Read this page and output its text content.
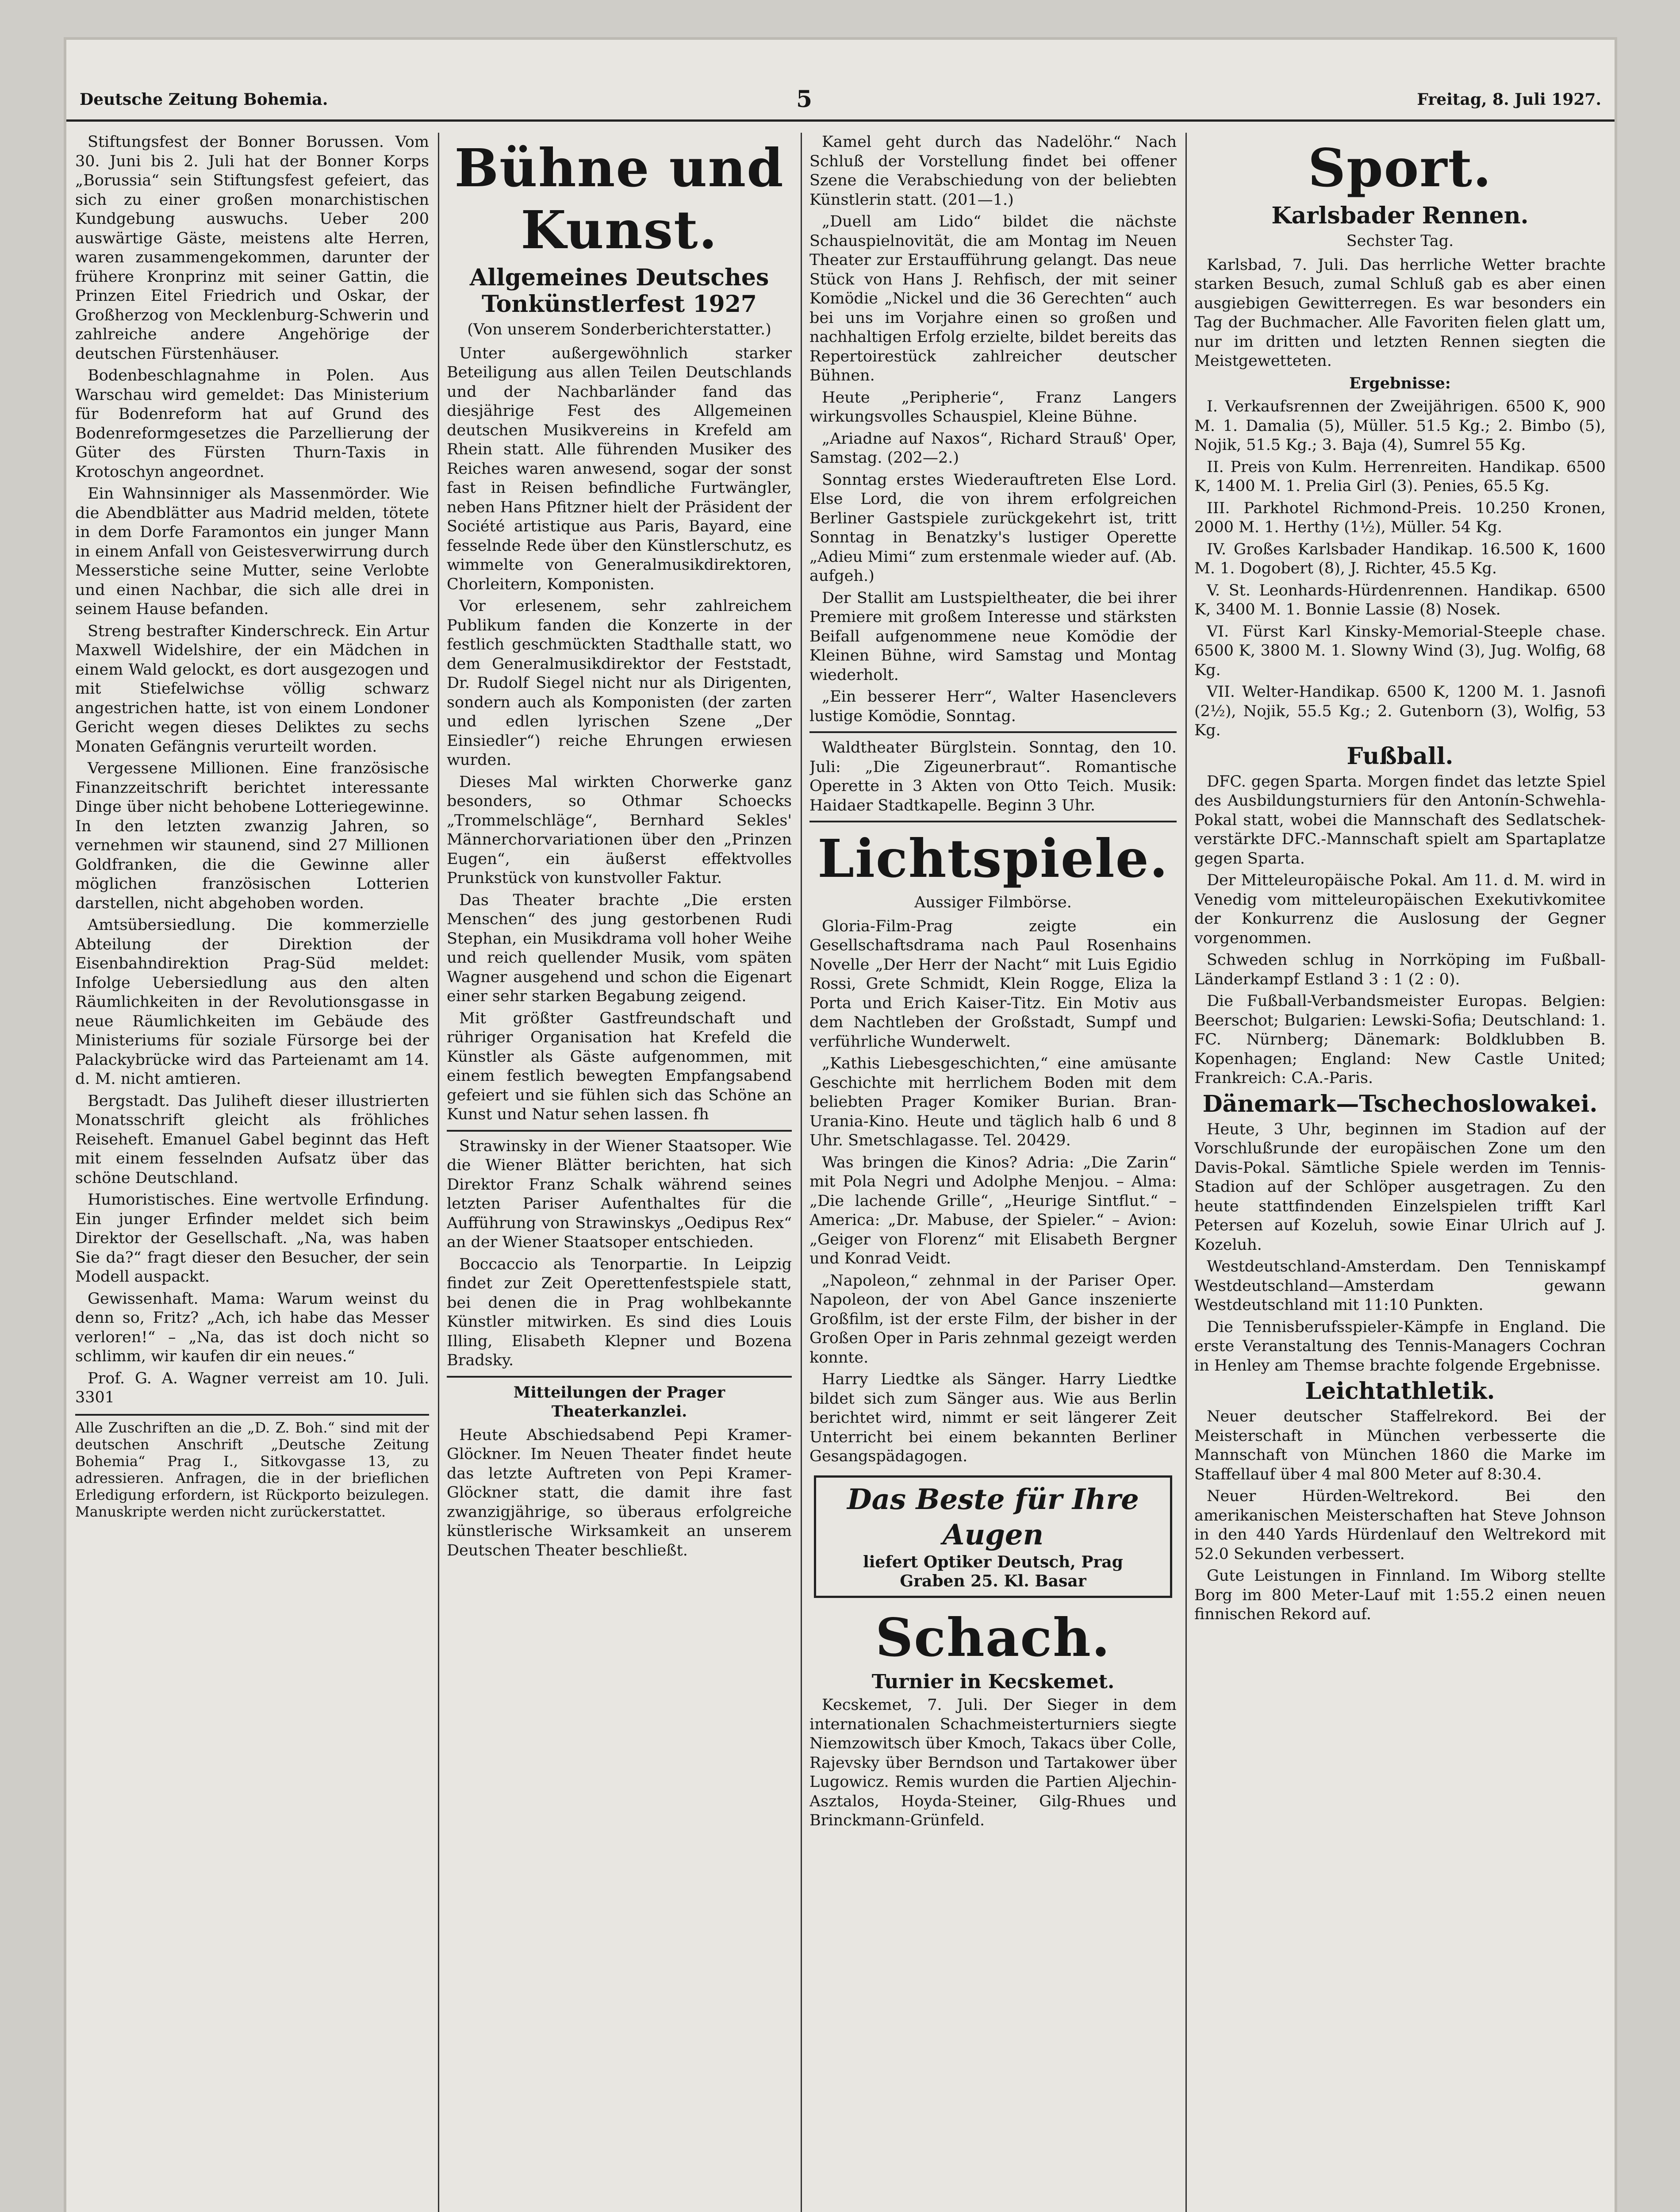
Deutsche Zeitung Bohemia.	5	Freitag, 8. Juli 1927.

Stiftungsfest der Bonner Borussen. Vom 30. Juni bis 2. Juli hat der Bonner Korps „Borussia“ sein Stiftungsfest gefeiert, das sich zu einer großen monarchistischen Kundgebung auswuchs. Ueber 200 auswärtige Gäste, meistens alte Herren, waren zusammengekommen, darunter der frühere Kronprinz mit seiner Gattin, die Prinzen Eitel Friedrich und Oskar, der Großherzog von Mecklenburg-Schwerin und zahlreiche andere Angehörige der deutschen Fürstenhäuser.

Bodenbeschlagnahme in Polen. Aus Warschau wird gemeldet: Das Ministerium für Bodenreform hat auf Grund des Bodenreformgesetzes die Parzellierung der Güter des Fürsten Thurn-Taxis in Krotoschyn angeordnet.

Ein Wahnsinniger als Massenmörder. Wie die Abendblätter aus Madrid melden, tötete in dem Dorfe Faramontos ein junger Mann in einem Anfall von Geistesverwirrung durch Messerstiche seine Mutter, seine Verlobte und einen Nachbar, die sich alle drei in seinem Hause befanden.

Streng bestrafter Kinderschreck. Ein Artur Maxwell Widelshire, der ein Mädchen in einem Wald gelockt, es dort ausgezogen und mit Stiefelwichse völlig schwarz angestrichen hatte, ist von einem Londoner Gericht wegen dieses Deliktes zu sechs Monaten Gefängnis verurteilt worden.

Vergessene Millionen. Eine französische Finanzzeitschrift berichtet interessante Dinge über nicht behobene Lotteriegewinne. In den letzten zwanzig Jahren, so vernehmen wir staunend, sind 27 Millionen Goldfranken, die die Gewinne aller möglichen französischen Lotterien darstellen, nicht abgehoben worden.

Amtsübersiedlung. Die kommerzielle Abteilung der Direktion der Eisenbahndirektion Prag-Süd meldet: Infolge Uebersiedlung aus den alten Räumlichkeiten in der Revolutionsgasse in neue Räumlichkeiten im Gebäude des Ministeriums für soziale Fürsorge bei der Palackybrücke wird das Parteienamt am 14. d. M. nicht amtieren.

Bergstadt. Das Juliheft dieser illustrierten Monatsschrift gleicht als fröhliches Reiseheft. Emanuel Gabel beginnt das Heft mit einem fesselnden Aufsatz über das schöne Deutschland.

Humoristisches. Eine wertvolle Erfindung. Ein junger Erfinder meldet sich beim Direktor der Gesellschaft. „Na, was haben Sie da?“ fragt dieser den Besucher, der sein Modell auspackt.

Gewissenhaft. Mama: Warum weinst du denn so, Fritz? „Ach, ich habe das Messer verloren!“ – „Na, das ist doch nicht so schlimm, wir kaufen dir ein neues.“

Prof. G. A. Wagner verreist am 10. Juli. 3301

Alle Zuschriften an die „D. Z. Boh.“ sind mit der deutschen Anschrift „Deutsche Zeitung Bohemia“ Prag I., Sitkovgasse 13, zu adressieren. Anfragen, die in der brieflichen Erledigung erfordern, ist Rückporto beizulegen. Manuskripte werden nicht zurückerstattet.
Bühne und Kunst.
Allgemeines Deutsches Tonkünstlerfest 1927
(Von unserem Sonderberichterstatter.)

Unter außergewöhnlich starker Beteiligung aus allen Teilen Deutschlands und der Nachbarländer fand das diesjährige Fest des Allgemeinen deutschen Musikvereins in Krefeld am Rhein statt. Alle führenden Musiker des Reiches waren anwesend, sogar der sonst fast in Reisen befindliche Furtwängler, neben Hans Pfitzner hielt der Präsident der Société artistique aus Paris, Bayard, eine fesselnde Rede über den Künstlerschutz, es wimmelte von Generalmusikdirektoren, Chorleitern, Komponisten.

Vor erlesenem, sehr zahlreichem Publikum fanden die Konzerte in der festlich geschmückten Stadthalle statt, wo dem Generalmusikdirektor der Feststadt, Dr. Rudolf Siegel nicht nur als Dirigenten, sondern auch als Komponisten (der zarten und edlen lyrischen Szene „Der Einsiedler“) reiche Ehrungen erwiesen wurden.

Dieses Mal wirkten Chorwerke ganz besonders, so Othmar Schoecks „Trommelschläge“, Bernhard Sekles' Männerchorvariationen über den „Prinzen Eugen“, ein äußerst effektvolles Prunkstück von kunstvoller Faktur.

Das Theater brachte „Die ersten Menschen“ des jung gestorbenen Rudi Stephan, ein Musikdrama voll hoher Weihe und reich quellender Musik, vom späten Wagner ausgehend und schon die Eigenart einer sehr starken Begabung zeigend.

Mit größter Gastfreundschaft und rühriger Organisation hat Krefeld die Künstler als Gäste aufgenommen, mit einem festlich bewegten Empfangsabend gefeiert und sie fühlen sich das Schöne an Kunst und Natur sehen lassen. fh

Strawinsky in der Wiener Staatsoper. Wie die Wiener Blätter berichten, hat sich Direktor Franz Schalk während seines letzten Pariser Aufenthaltes für die Aufführung von Strawinskys „Oedipus Rex“ an der Wiener Staatsoper entschieden.

Boccaccio als Tenorpartie. In Leipzig findet zur Zeit Operettenfestspiele statt, bei denen die in Prag wohlbekannte Künstler mitwirken. Es sind dies Louis Illing, Elisabeth Klepner und Bozena Bradsky.

Mitteilungen der Prager Theaterkanzlei.

Heute Abschiedsabend Pepi Kramer-Glöckner. Im Neuen Theater findet heute das letzte Auftreten von Pepi Kramer-Glöckner statt, die damit ihre fast zwanzigjährige, so überaus erfolgreiche künstlerische Wirksamkeit an unserem Deutschen Theater beschließt.

Kamel geht durch das Nadelöhr.“ Nach Schluß der Vorstellung findet bei offener Szene die Verabschiedung von der beliebten Künstlerin statt. (201—1.)

„Duell am Lido“ bildet die nächste Schauspielnovität, die am Montag im Neuen Theater zur Erstaufführung gelangt. Das neue Stück von Hans J. Rehfisch, der mit seiner Komödie „Nickel und die 36 Gerechten“ auch bei uns im Vorjahre einen so großen und nachhaltigen Erfolg erzielte, bildet bereits das Repertoirestück zahlreicher deutscher Bühnen.

Heute „Peripherie“, Franz Langers wirkungsvolles Schauspiel, Kleine Bühne.

„Ariadne auf Naxos“, Richard Strauß' Oper, Samstag. (202—2.)

Sonntag erstes Wiederauftreten Else Lord. Else Lord, die von ihrem erfolgreichen Berliner Gastspiele zurückgekehrt ist, tritt Sonntag in Benatzky's lustiger Operette „Adieu Mimi“ zum erstenmale wieder auf. (Ab. aufgeh.)

Der Stallit am Lustspieltheater, die bei ihrer Premiere mit großem Interesse und stärksten Beifall aufgenommene neue Komödie der Kleinen Bühne, wird Samstag und Montag wiederholt.

„Ein besserer Herr“, Walter Hasenclevers lustige Komödie, Sonntag.

Waldtheater Bürglstein. Sonntag, den 10. Juli: „Die Zigeunerbraut“. Romantische Operette in 3 Akten von Otto Teich. Musik: Haidaer Stadtkapelle. Beginn 3 Uhr.

Lichtspiele.
Aussiger Filmbörse.

Gloria-Film-Prag zeigte ein Gesellschaftsdrama nach Paul Rosenhains Novelle „Der Herr der Nacht“ mit Luis Egidio Rossi, Grete Schmidt, Klein Rogge, Eliza la Porta und Erich Kaiser-Titz. Ein Motiv aus dem Nachtleben der Großstadt, Sumpf und verführliche Wunderwelt.

„Kathis Liebesgeschichten,“ eine amüsante Geschichte mit herrlichem Boden mit dem beliebten Prager Komiker Burian. Bran-Urania-Kino. Heute und täglich halb 6 und 8 Uhr. Smetschlagasse. Tel. 20429.

Was bringen die Kinos? Adria: „Die Zarin“ mit Pola Negri und Adolphe Menjou. – Alma: „Die lachende Grille“, „Heurige Sintflut.“ – America: „Dr. Mabuse, der Spieler.“ – Avion: „Geiger von Florenz“ mit Elisabeth Bergner und Konrad Veidt.

„Napoleon,“ zehnmal in der Pariser Oper. Napoleon, der von Abel Gance inszenierte Großfilm, ist der erste Film, der bisher in der Großen Oper in Paris zehnmal gezeigt werden konnte.

Harry Liedtke als Sänger. Harry Liedtke bildet sich zum Sänger aus. Wie aus Berlin berichtet wird, nimmt er seit längerer Zeit Unterricht bei einem bekannten Berliner Gesangspädagogen.

Das Beste für Ihre Augen
liefert Optiker Deutsch, Prag
Graben 25. Kl. Basar
Schach.
Turnier in Kecskemet.

Kecskemet, 7. Juli. Der Sieger in dem internationalen Schachmeisterturniers siegte Niemzowitsch über Kmoch, Takacs über Colle, Rajevsky über Berndson und Tartakower über Lugowicz. Remis wurden die Partien Aljechin-Asztalos, Hoyda-Steiner, Gilg-Rhues und Brinckmann-Grünfeld.

Sport.
Karlsbader Rennen.
Sechster Tag.

Karlsbad, 7. Juli. Das herrliche Wetter brachte starken Besuch, zumal Schluß gab es aber einen ausgiebigen Gewitterregen. Es war besonders ein Tag der Buchmacher. Alle Favoriten fielen glatt um, nur im dritten und letzten Rennen siegten die Meistgewetteten.

Ergebnisse:

I. Verkaufsrennen der Zweijährigen. 6500 K, 900 M. 1. Damalia (5), Müller. 51.5 Kg.; 2. Bimbo (5), Nojik, 51.5 Kg.; 3. Baja (4), Sumrel 55 Kg.

II. Preis von Kulm. Herrenreiten. Handikap. 6500 K, 1400 M. 1. Prelia Girl (3). Penies, 65.5 Kg.

III. Parkhotel Richmond-Preis. 10.250 Kronen, 2000 M. 1. Herthy (1½), Müller. 54 Kg.

IV. Großes Karlsbader Handikap. 16.500 K, 1600 M. 1. Dogobert (8), J. Richter, 45.5 Kg.

V. St. Leonhards-Hürdenrennen. Handikap. 6500 K, 3400 M. 1. Bonnie Lassie (8) Nosek.

VI. Fürst Karl Kinsky-Memorial-Steeple chase. 6500 K, 3800 M. 1. Slowny Wind (3), Jug. Wolfig, 68 Kg.

VII. Welter-Handikap. 6500 K, 1200 M. 1. Jasnofi (2½), Nojik, 55.5 Kg.; 2. Gutenborn (3), Wolfig, 53 Kg.

Fußball.

DFC. gegen Sparta. Morgen findet das letzte Spiel des Ausbildungsturniers für den Antonín-Schwehla-Pokal statt, wobei die Mannschaft des Sedlatschek-verstärkte DFC.-Mannschaft spielt am Spartaplatze gegen Sparta.

Der Mitteleuropäische Pokal. Am 11. d. M. wird in Venedig vom mitteleuropäischen Exekutivkomitee der Konkurrenz die Auslosung der Gegner vorgenommen.

Schweden schlug in Norrköping im Fußball-Länderkampf Estland 3 : 1 (2 : 0).

Die Fußball-Verbandsmeister Europas. Belgien: Beerschot; Bulgarien: Lewski-Sofia; Deutschland: 1. FC. Nürnberg; Dänemark: Boldklubben B. Kopenhagen; England: New Castle United; Frankreich: C.A.-Paris.

Dänemark—Tschechoslowakei.

Heute, 3 Uhr, beginnen im Stadion auf der Vorschlußrunde der europäischen Zone um den Davis-Pokal. Sämtliche Spiele werden im Tennis-Stadion auf der Schlöper ausgetragen. Zu den heute stattfindenden Einzelspielen trifft Karl Petersen auf Kozeluh, sowie Einar Ulrich auf J. Kozeluh.

Westdeutschland-Amsterdam. Den Tenniskampf Westdeutschland—Amsterdam gewann Westdeutschland mit 11:10 Punkten.

Die Tennisberufsspieler-Kämpfe in England. Die erste Veranstaltung des Tennis-Managers Cochran in Henley am Themse brachte folgende Ergebnisse.

Leichtathletik.

Neuer deutscher Staffelrekord. Bei der Meisterschaft in München verbesserte die Mannschaft von München 1860 die Marke im Staffellauf über 4 mal 800 Meter auf 8:30.4.

Neuer Hürden-Weltrekord. Bei den amerikanischen Meisterschaften hat Steve Johnson in den 440 Yards Hürdenlauf den Weltrekord mit 52.0 Sekunden verbessert.

Gute Leistungen in Finnland. Im Wiborg stellte Borg im 800 Meter-Lauf mit 1:55.2 einen neuen finnischen Rekord auf.
